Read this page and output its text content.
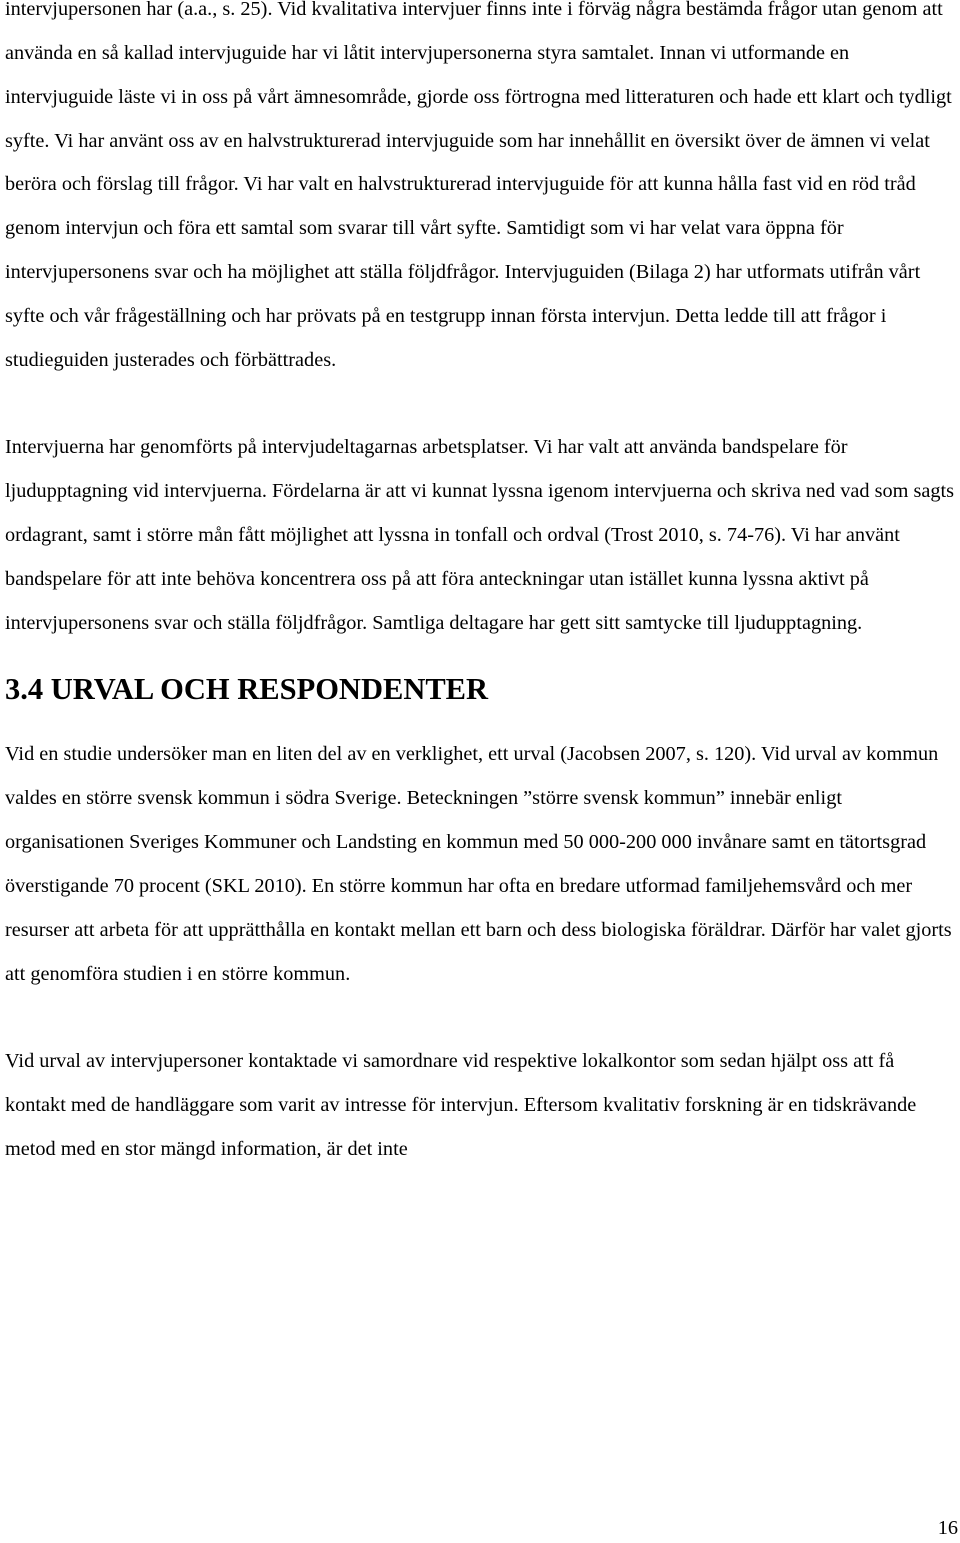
intervjupersonen har (a.a., s. 25). Vid kvalitativa intervjuer finns inte i förväg några bestämda frågor utan genom att använda en så kallad intervjuguide har vi låtit intervjupersonerna styra samtalet. Innan vi utformande en intervjuguide läste vi in oss på vårt ämnesområde, gjorde oss förtrogna med litteraturen och hade ett klart och tydligt syfte. Vi har använt oss av en halvstrukturerad intervjuguide som har innehållit en översikt över de ämnen vi velat beröra och förslag till frågor. Vi har valt en halvstrukturerad intervjuguide för att kunna hålla fast vid en röd tråd genom intervjun och föra ett samtal som svarar till vårt syfte. Samtidigt som vi har velat vara öppna för intervjupersonens svar och ha möjlighet att ställa följdfrågor. Intervjuguiden (Bilaga 2) har utformats utifrån vårt syfte och vår frågeställning och har prövats på en testgrupp innan första intervjun. Detta ledde till att frågor i studieguiden justerades och förbättrades.

Intervjuerna har genomförts på intervjudeltagarnas arbetsplatser. Vi har valt att använda bandspelare för ljudupptagning vid intervjuerna. Fördelarna är att vi kunnat lyssna igenom intervjuerna och skriva ned vad som sagts ordagrant, samt i större mån fått möjlighet att lyssna in tonfall och ordval (Trost 2010, s. 74-76). Vi har använt bandspelare för att inte behöva koncentrera oss på att föra anteckningar utan istället kunna lyssna aktivt på intervjupersonens svar och ställa följdfrågor. Samtliga deltagare har gett sitt samtycke till ljudupptagning.

3.4 URVAL OCH RESPONDENTER

Vid en studie undersöker man en liten del av en verklighet, ett urval (Jacobsen 2007, s. 120). Vid urval av kommun valdes en större svensk kommun i södra Sverige. Beteckningen ”större svensk kommun” innebär enligt organisationen Sveriges Kommuner och Landsting en kommun med 50 000-200 000 invånare samt en tätortsgrad överstigande 70 procent (SKL 2010). En större kommun har ofta en bredare utformad familjehemsvård och mer resurser att arbeta för att upprätthålla en kontakt mellan ett barn och dess biologiska föräldrar. Därför har valet gjorts att genomföra studien i en större kommun.

Vid urval av intervjupersoner kontaktade vi samordnare vid respektive lokalkontor som sedan hjälpt oss att få kontakt med de handläggare som varit av intresse för intervjun. Eftersom kvalitativ forskning är en tidskrävande metod med en stor mängd information, är det inte

16
